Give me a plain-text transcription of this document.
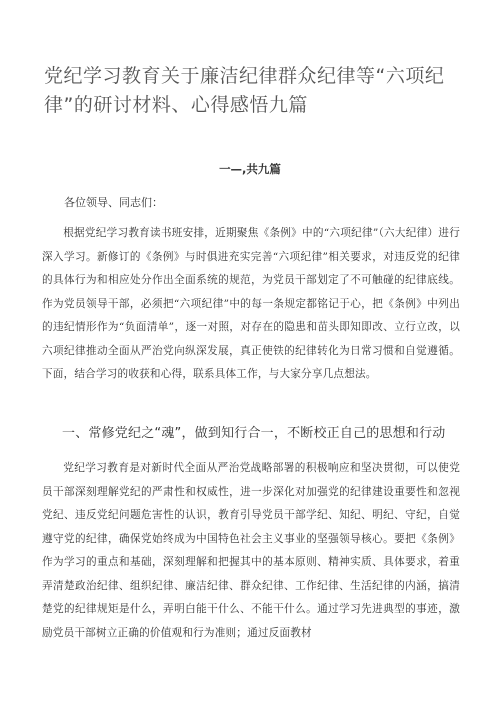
党纪学习教育关于廉洁纪律群众纪律等“六项纪律”的研讨材料、心得感悟九篇
一—,共九篇
各位领导、同志们：

根据党纪学习教育读书班安排，近期聚焦《条例》中的“六项纪律”（六大纪律）进行深入学习。新修订的《条例》与时俱进充实完善“六项纪律”相关要求，对违反党的纪律的具体行为和相应处分作出全面系统的规范，为党员干部划定了不可触碰的纪律底线。作为党员领导干部，必须把“六项纪律”中的每一条规定都铭记于心，把《条例》中列出的违纪情形作为“负面清单”，逐一对照，对存在的隐患和苗头即知即改、立行立改，以六项纪律推动全面从严治党向纵深发展，真正使铁的纪律转化为日常习惯和自觉遵循。下面，结合学习的收获和心得，联系具体工作，与大家分享几点想法。

一、常修党纪之“魂”，做到知行合一，不断校正自己的思想和行动

党纪学习教育是对新时代全面从严治党战略部署的积极响应和坚决贯彻，可以使党员干部深刻理解党纪的严肃性和权威性，进一步深化对加强党的纪律建设重要性和忽视党纪、违反党纪问题危害性的认识，教育引导党员干部学纪、知纪、明纪、守纪，自觉遵守党的纪律，确保党始终成为中国特色社会主义事业的坚强领导核心。要把《条例》作为学习的重点和基础，深刻理解和把握其中的基本原则、精神实质、具体要求，着重弄清楚政治纪律、组织纪律、廉洁纪律、群众纪律、工作纪律、生活纪律的内涵，搞清楚党的纪律规矩是什么，弄明白能干什么、不能干什么。通过学习先进典型的事迹，激励党员干部树立正确的价值观和行为准则；通过反面教材
